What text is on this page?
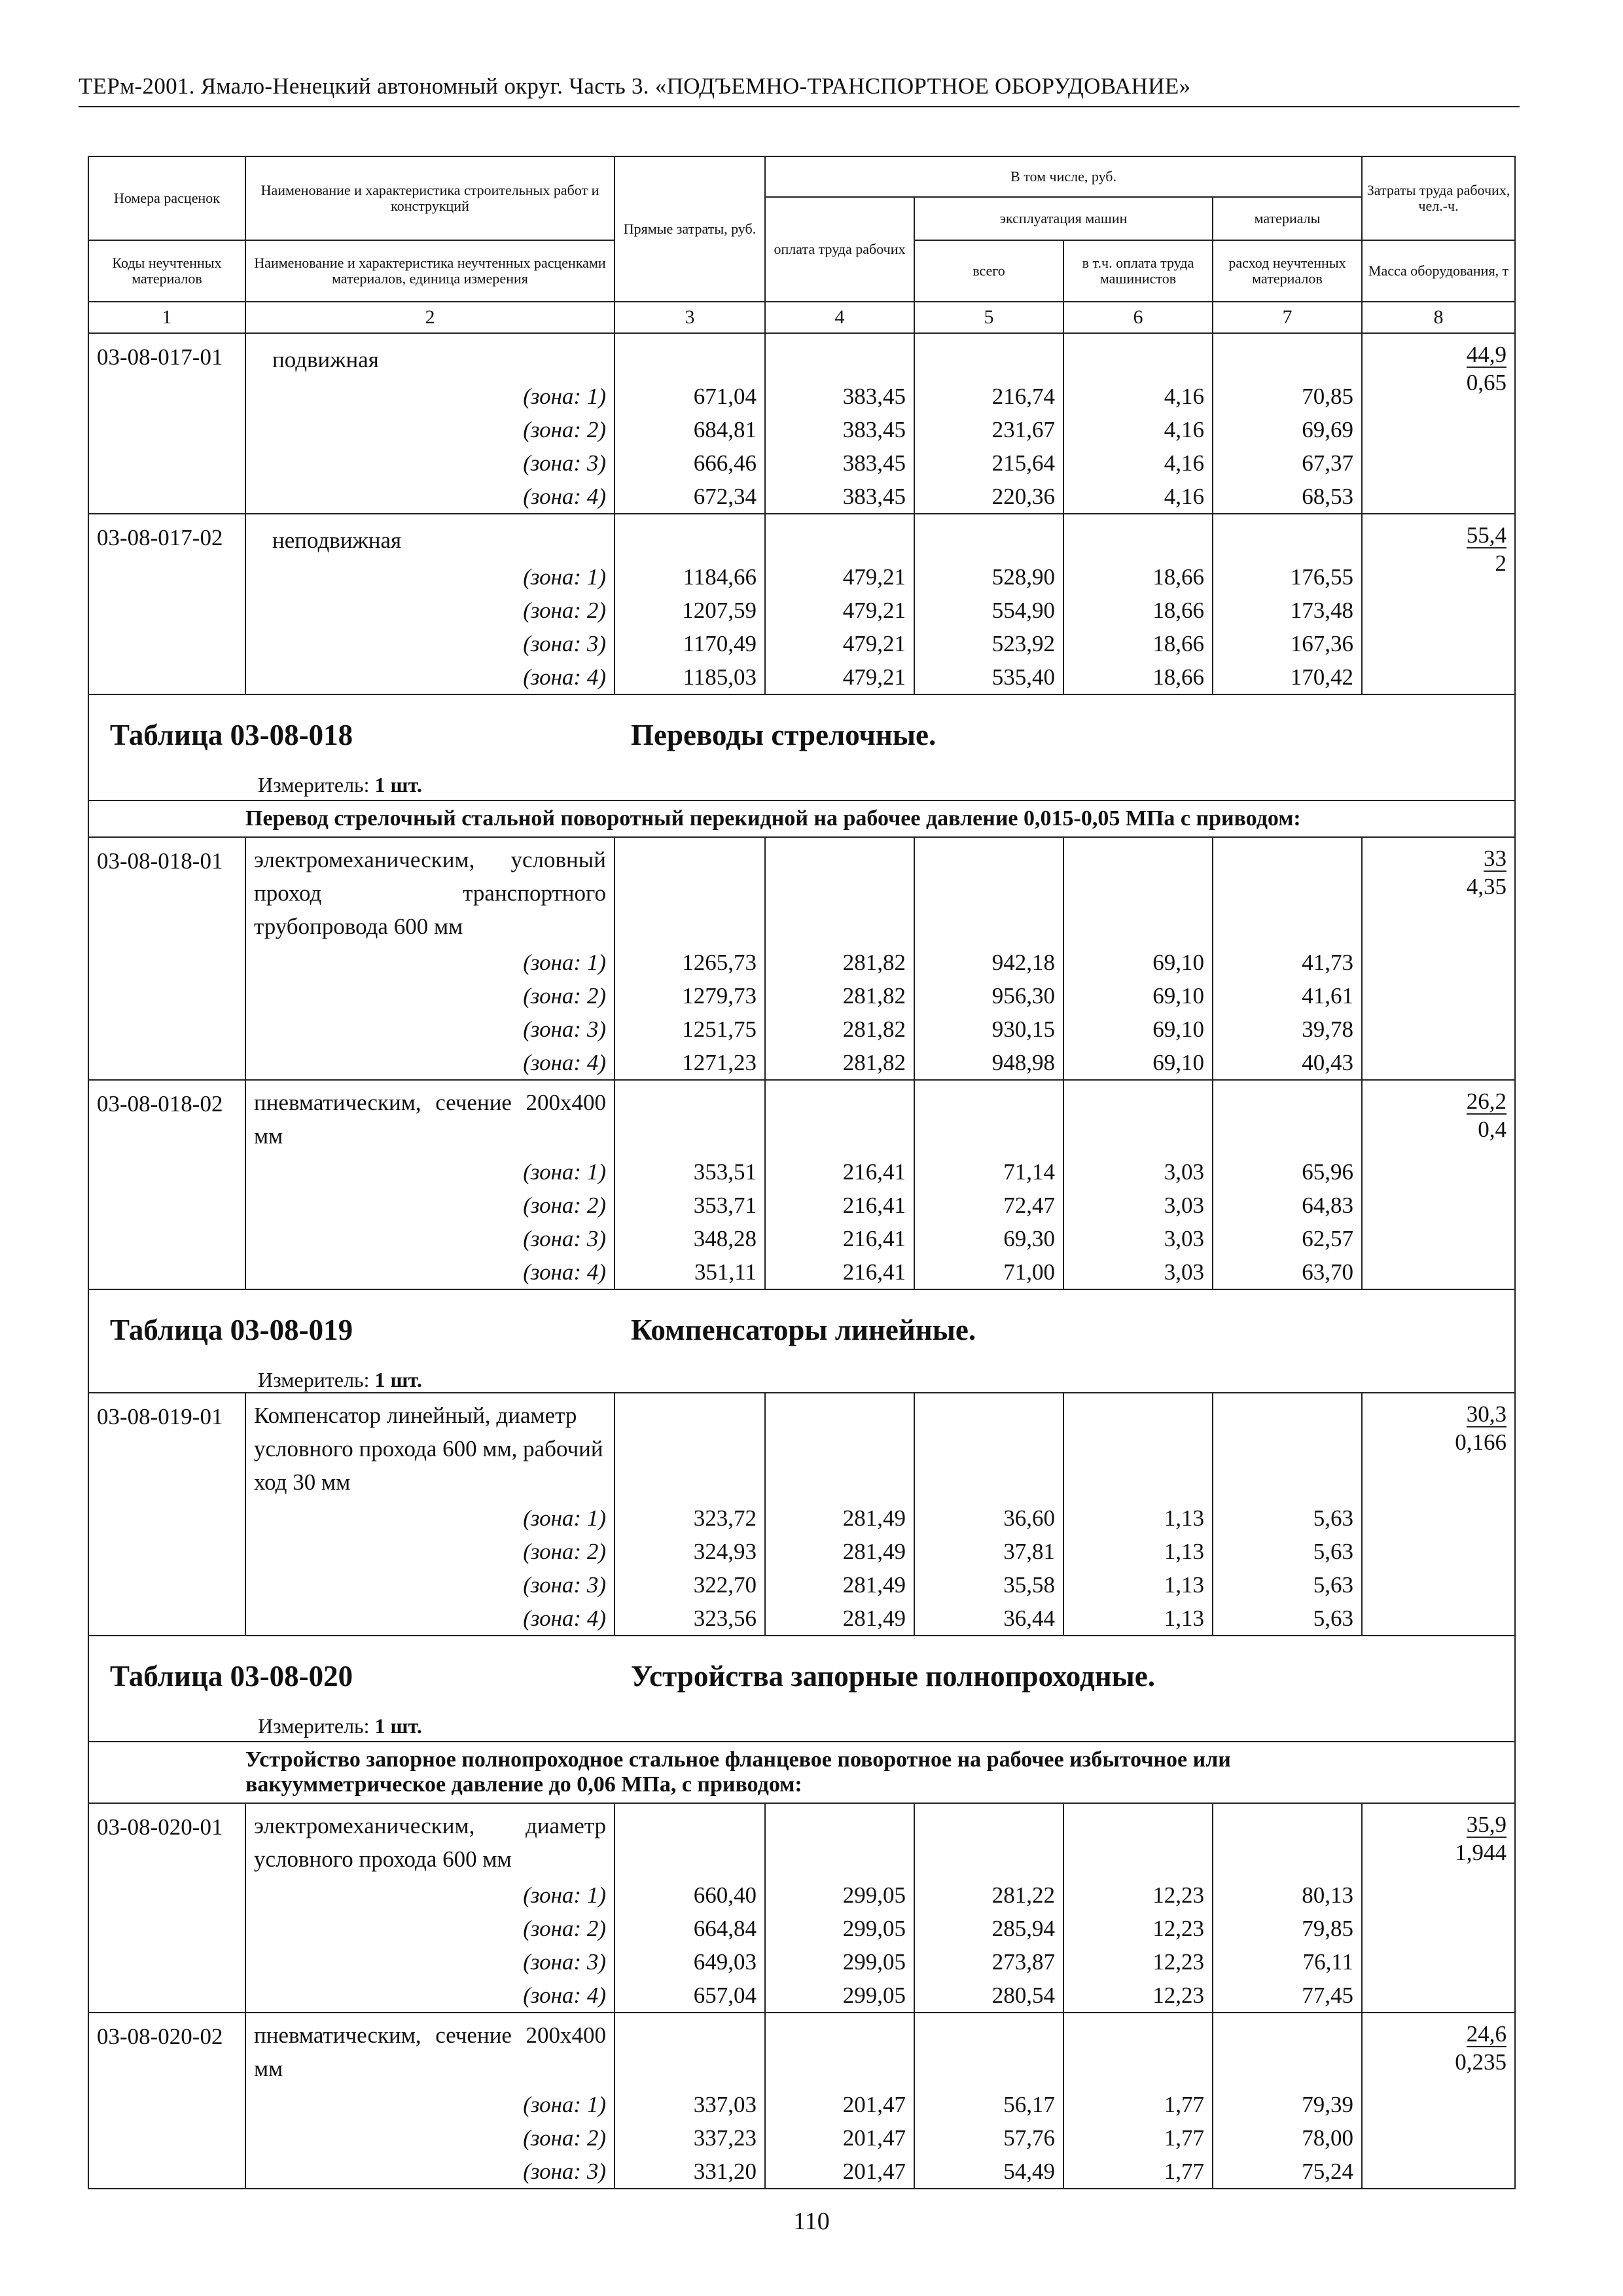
ТЕРм-2001. Ямало-Ненецкий автономный округ. Часть 3. «ПОДЪЕМНО-ТРАНСПОРТНОЕ ОБОРУДОВАНИЕ»
Номера расценок	Наименование и характеристика строительных работ и конструкций	Прямые затраты, руб.	В том числе, руб.				Затраты труда рабочих, чел.-ч.
			оплата труда рабочих	эксплуатация машин		материалы	
Коды неучтенных материалов	Наименование и характеристика неучтенных расценками материалов, единица измерения			всего	в т.ч. оплата труда машинистов	расход неучтенных материалов	Масса оборудования, т
1	2	3	4	5	6	7	8
03-08-017-01	подвижная						44,9
0,65

	(зона: 1)	671,04	383,45	216,74	4,16	70,85	
	(зона: 2)	684,81	383,45	231,67	4,16	69,69	
	(зона: 3)	666,46	383,45	215,64	4,16	67,37	
	(зона: 4)	672,34	383,45	220,36	4,16	68,53	
03-08-017-02	неподвижная						55,4
2

	(зона: 1)	1184,66	479,21	528,90	18,66	176,55	
	(зона: 2)	1207,59	479,21	554,90	18,66	173,48	
	(зона: 3)	1170,49	479,21	523,92	18,66	167,36	
	(зона: 4)	1185,03	479,21	535,40	18,66	170,42	

Таблица 03-08-018 Переводы стрелочные.
Измеритель: 1 шт.							

	Перевод стрелочный стальной поворотный перекидной на рабочее давление 0,015-0,05 МПа с приводом:						
03-08-018-01	электромеханическим, условный проход транспортного трубопровода 600 мм						33
4,35

	(зона: 1)	1265,73	281,82	942,18	69,10	41,73	
	(зона: 2)	1279,73	281,82	956,30	69,10	41,61	
	(зона: 3)	1251,75	281,82	930,15	69,10	39,78	
	(зона: 4)	1271,23	281,82	948,98	69,10	40,43	
03-08-018-02	пневматическим, сечение 200х400 мм						26,2
0,4

	(зона: 1)	353,51	216,41	71,14	3,03	65,96	
	(зона: 2)	353,71	216,41	72,47	3,03	64,83	
	(зона: 3)	348,28	216,41	69,30	3,03	62,57	
	(зона: 4)	351,11	216,41	71,00	3,03	63,70	

Таблица 03-08-019 Компенсаторы линейные.
Измеритель: 1 шт.							

03-08-019-01	Компенсатор линейный, диаметр условного прохода 600 мм, рабочий ход 30 мм						30,3
0,166

	(зона: 1)	323,72	281,49	36,60	1,13	5,63	
	(зона: 2)	324,93	281,49	37,81	1,13	5,63	
	(зона: 3)	322,70	281,49	35,58	1,13	5,63	
	(зона: 4)	323,56	281,49	36,44	1,13	5,63	

Таблица 03-08-020 Устройства запорные полнопроходные.
Измеритель: 1 шт.							

	Устройство запорное полнопроходное стальное фланцевое поворотное на рабочее избыточное или вакуумметрическое давление до 0,06 МПа, с приводом:						
03-08-020-01	электромеханическим, диаметр условного прохода 600 мм						35,9
1,944

	(зона: 1)	660,40	299,05	281,22	12,23	80,13	
	(зона: 2)	664,84	299,05	285,94	12,23	79,85	
	(зона: 3)	649,03	299,05	273,87	12,23	76,11	
	(зона: 4)	657,04	299,05	280,54	12,23	77,45	
03-08-020-02	пневматическим, сечение 200х400 мм						24,6
0,235

	(зона: 1)	337,03	201,47	56,17	1,77	79,39	
	(зона: 2)	337,23	201,47	57,76	1,77	78,00	
	(зона: 3)	331,20	201,47	54,49	1,77	75,24	

110
